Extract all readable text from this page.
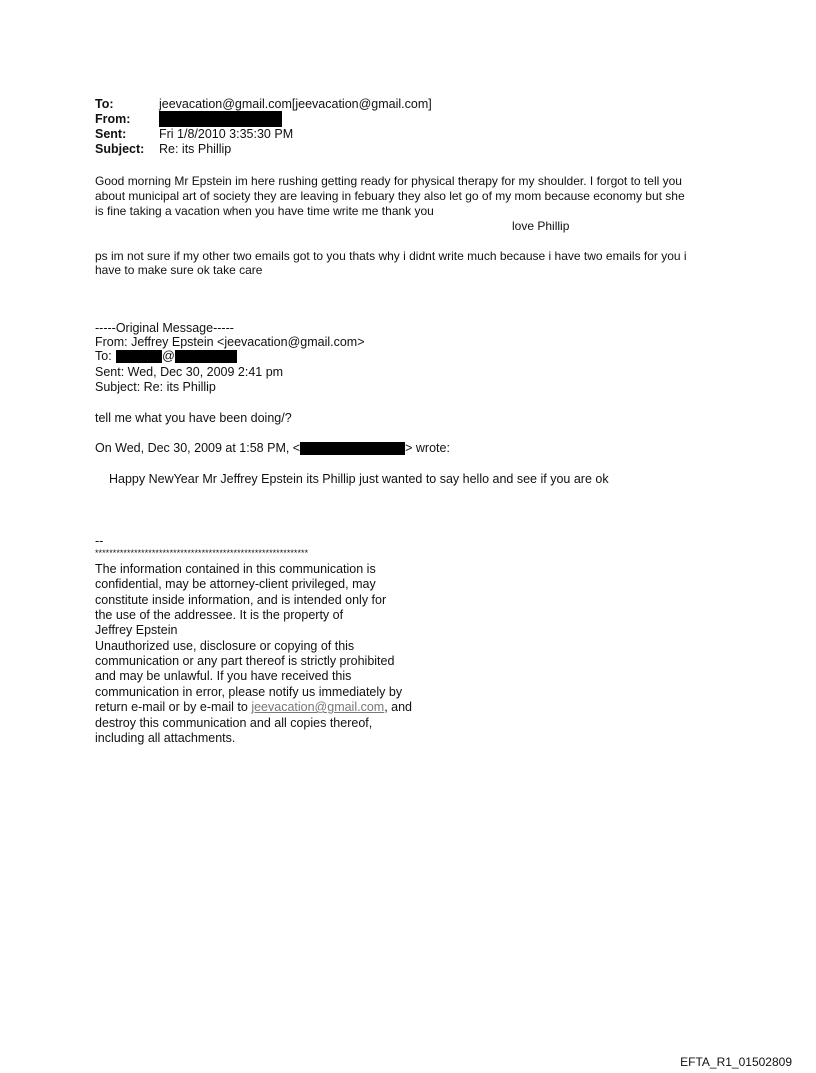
To:	jeevacation@gmail.com[jeevacation@gmail.com]
From:
Sent:	Fri 1/8/2010 3:35:30 PM
Subject: Re: its Phillip
Good morning Mr Epstein im here rushing getting ready for physical therapy for my shoulder. I forgot to tell you
about municipal art of society they are leaving in febuary they also let go of my mom because economy but she
is fine taking a vacation when you have time write me thank you
love Phillip
ps im not sure if my other two emails got to you thats why i didnt write much because i have two emails for you i
have to make sure ok take care
-----Original Message-----
From: Jeffrey Epstein <jeevacation@gmail.com>
To:	@
Sent: Wed, Dec 30, 2009 2:41 pm
Subject: Re: its Phillip
tell me what you have been doing/?
On Wed, Dec 30, 2009 at 1:58 PM, <	> wrote:
Happy NewYear Mr Jeffrey Epstein its Phillip just wanted to say hello and see if you are ok
--
************************************************************
The information contained in this communication is
confidential, may be attorney-client privileged, may
constitute inside information, and is intended only for
the use of the addressee. It is the property of
Jeffrey Epstein
Unauthorized use, disclosure or copying of this
communication or any part thereof is strictly prohibited
and may be unlawful. If you have received this
communication in error, please notify us immediately by
return e-mail or by e-mail to jeevacation@gmail.com, and
destroy this communication and all copies thereof,
including all attachments.
EFTA_R1_01502809
